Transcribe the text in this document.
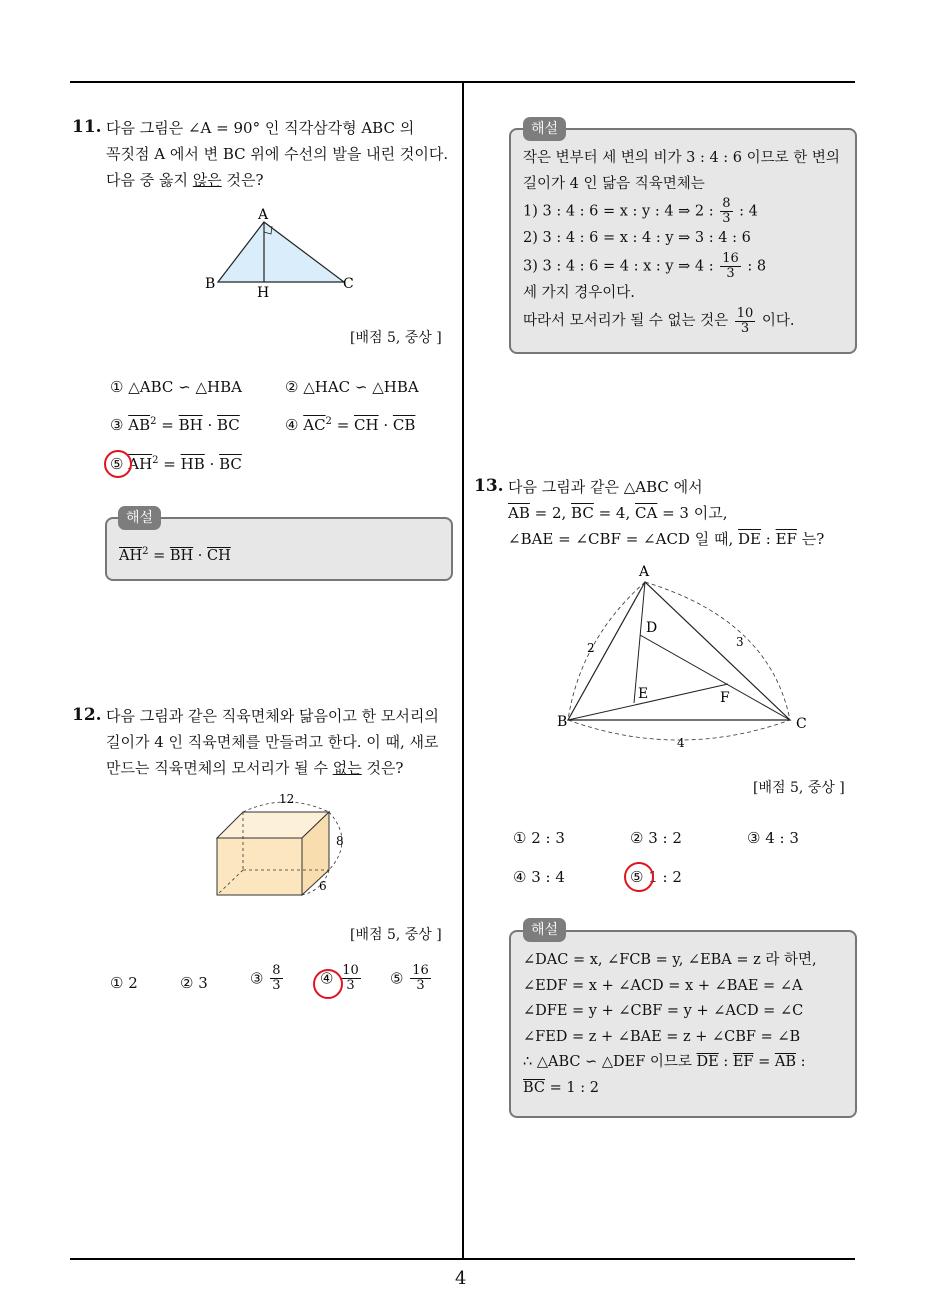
4
11. 다음 그림은 ∠A = 90° 인 직각삼각형 ABC 의
꼭짓점 A 에서 변 BC 위에 수선의 발을 내린 것이다.
다음 중 옳지 않은 것은?
A
B	C
H
[배점 5, 중상 ]
① △ABC ∽ △HBA	② △HAC ∽ △HBA
③ $\overline{AB}^2 = \overline{BH} \cdot \overline{BC}$	④ $\overline{AC}^2 = \overline{CH} \cdot \overline{CB}$
⑤ $\overline{AH}^2 = \overline{HB} \cdot \overline{BC}$
$\overline{AH}^2 = \overline{BH} \cdot \overline{CH}$
해설
12. 다음 그림과 같은 직육면체와 닮음이고 한 모서리의
길이가 4 인 직육면체를 만들려고 한다. 이 때, 새로
만드는 직육면체의 모서리가 될 수 없는 것은?
12
8
6
[배점 5, 중상 ]
① 2	② 3	③ $\frac{8}{3}$ ④ $\frac{10}{3}$ ⑤ $\frac{16}{3}$
작은 변부터 세 변의 비가 3 : 4 : 6 이므로 한 변의
길이가 4 인 닮음 직육면체는
1) 3 : 4 : 6 = x : y : 4 ⇒ 2 : $\frac{8}{3}$ : 4
2) 3 : 4 : 6 = x : 4 : y ⇒ 3 : 4 : 6
3) 3 : 4 : 6 = 4 : x : y ⇒ 4 : $\frac{16}{3}$ : 8
세 가지 경우이다.
따라서 모서리가 될 수 없는 것은 $\frac{10}{3}$ 이다.
해설
13. 다음 그림과 같은 △ABC 에서
$\overline{AB} = 2$, $\overline{BC} = 4$, $\overline{CA} = 3$ 이고,
∠BAE = ∠CBF = ∠ACD 일 때, $\overline{DE}$ : $\overline{EF}$ 는?
A
B	C
D
E	F
2	3
4
[배점 5, 중상 ]
① 2 : 3	② 3 : 2	③ 4 : 3
④ 3 : 4	⑤ 1 : 2
∠DAC = x, ∠FCB = y, ∠EBA = z 라 하면,
∠EDF = x + ∠ACD = x + ∠BAE = ∠A
∠DFE = y + ∠CBF = y + ∠ACD = ∠C
∠FED = z + ∠BAE = z + ∠CBF = ∠B
∴ △ABC ∽ △DEF 이므로 $\overline{DE}$ : $\overline{EF} = \overline{AB}$ :
$\overline{BC} = 1$ : 2
해설
